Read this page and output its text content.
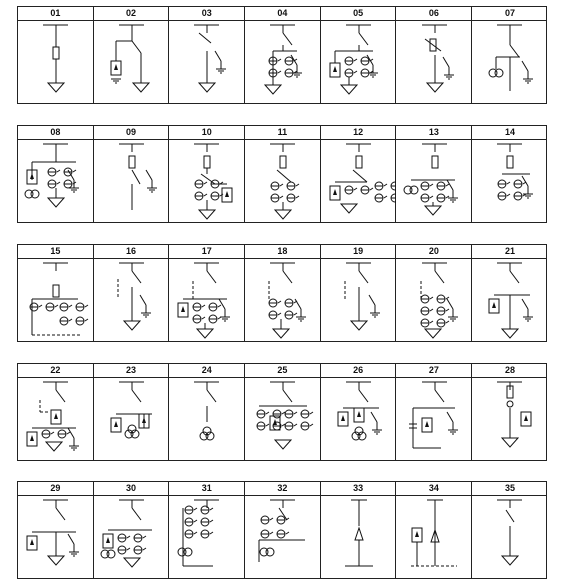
01	02	03	04	05	06	07
08	09	10	11	12	13	14
15	16	17	18	19	20	21
22	23	24	25	26	27	28
29	30	31	32	33	34	35
